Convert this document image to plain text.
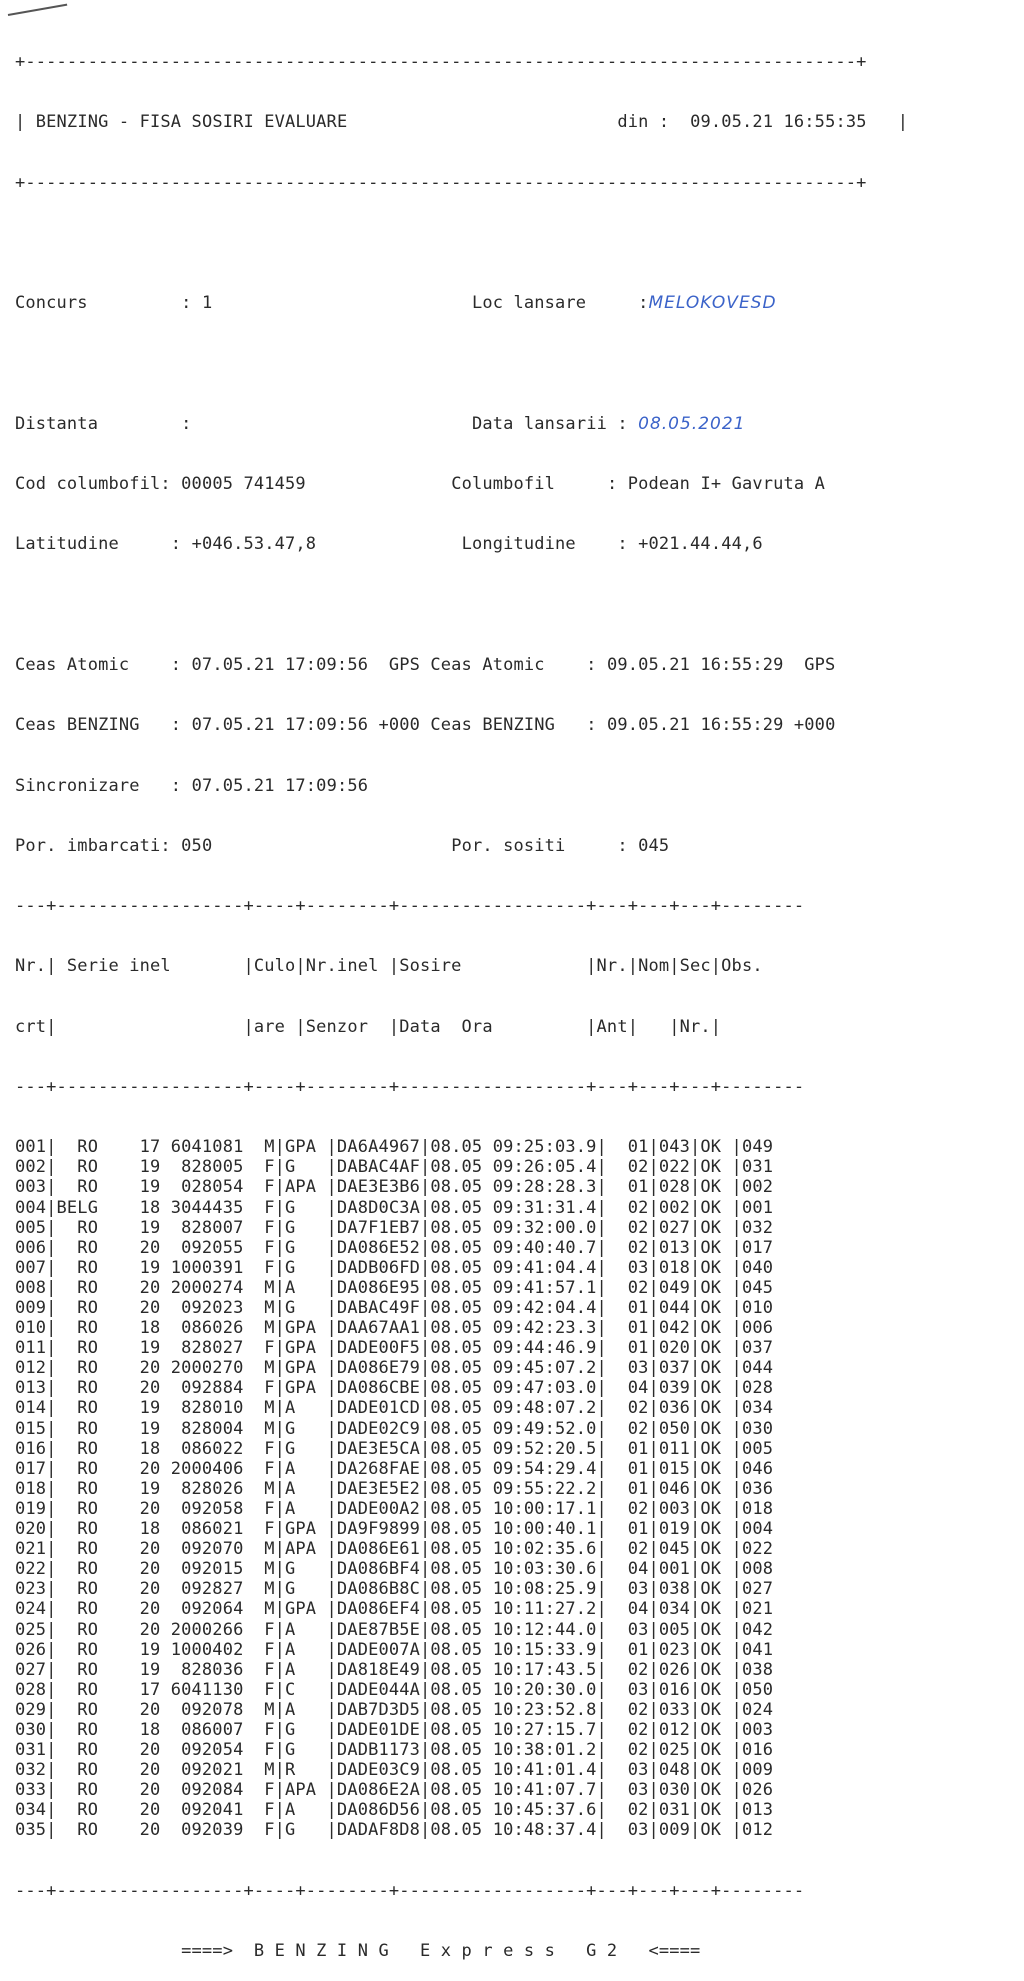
+--------------------------------------------------------------------------------+

| BENZING - FISA SOSIRI EVALUARE	din : 09.05.21 16:55:35   |

+--------------------------------------------------------------------------------+

Concurs         : 1	Loc lansare     :MELOKOVESD

Distanta        :	Data lansarii : 08.05.2021

Cod columbofil: 00005 741459	Columbofil     : Podean I+ Gavruta A

Latitudine     : +046.53.47,8	Longitudine    : +021.44.44,6

Ceas Atomic    : 07.05.21 17:09:56  GPS Ceas Atomic    : 09.05.21 16:55:29  GPS

Ceas BENZING   : 07.05.21 17:09:56 +000 Ceas BENZING   : 09.05.21 16:55:29 +000

Sincronizare   : 07.05.21 17:09:56

Por. imbarcati: 050	Por. sositi     : 045

---+------------------+----+--------+------------------+---+---+---+--------

Nr.| Serie inel       |Culo|Nr.inel |Sosire            |Nr.|Nom|Sec|Obs.

crt|                  |are |Senzor  |Data  Ora         |Ant|   |Nr.|

---+------------------+----+--------+------------------+---+---+---+--------

001|  RO    17 6041081  M|GPA |DA6A4967|08.05 09:25:03.9|  01|043|OK |049
002|  RO    19  828005  F|G   |DABAC4AF|08.05 09:26:05.4|  02|022|OK |031
003|  RO    19  028054  F|APA |DAE3E3B6|08.05 09:28:28.3|  01|028|OK |002
004|BELG    18 3044435  F|G   |DA8D0C3A|08.05 09:31:31.4|  02|002|OK |001
005|  RO    19  828007  F|G   |DA7F1EB7|08.05 09:32:00.0|  02|027|OK |032
006|  RO    20  092055  F|G   |DA086E52|08.05 09:40:40.7|  02|013|OK |017
007|  RO    19 1000391  F|G   |DADB06FD|08.05 09:41:04.4|  03|018|OK |040
008|  RO    20 2000274  M|A   |DA086E95|08.05 09:41:57.1|  02|049|OK |045
009|  RO    20  092023  M|G   |DABAC49F|08.05 09:42:04.4|  01|044|OK |010
010|  RO    18  086026  M|GPA |DAA67AA1|08.05 09:42:23.3|  01|042|OK |006
011|  RO    19  828027  F|GPA |DADE00F5|08.05 09:44:46.9|  01|020|OK |037
012|  RO    20 2000270  M|GPA |DA086E79|08.05 09:45:07.2|  03|037|OK |044
013|  RO    20  092884  F|GPA |DA086CBE|08.05 09:47:03.0|  04|039|OK |028
014|  RO    19  828010  M|A   |DADE01CD|08.05 09:48:07.2|  02|036|OK |034
015|  RO    19  828004  M|G   |DADE02C9|08.05 09:49:52.0|  02|050|OK |030
016|  RO    18  086022  F|G   |DAE3E5CA|08.05 09:52:20.5|  01|011|OK |005
017|  RO    20 2000406  F|A   |DA268FAE|08.05 09:54:29.4|  01|015|OK |046
018|  RO    19  828026  M|A   |DAE3E5E2|08.05 09:55:22.2|  01|046|OK |036
019|  RO    20  092058  F|A   |DADE00A2|08.05 10:00:17.1|  02|003|OK |018
020|  RO    18  086021  F|GPA |DA9F9899|08.05 10:00:40.1|  01|019|OK |004
021|  RO    20  092070  M|APA |DA086E61|08.05 10:02:35.6|  02|045|OK |022
022|  RO    20  092015  M|G   |DA086BF4|08.05 10:03:30.6|  04|001|OK |008
023|  RO    20  092827  M|G   |DA086B8C|08.05 10:08:25.9|  03|038|OK |027
024|  RO    20  092064  M|GPA |DA086EF4|08.05 10:11:27.2|  04|034|OK |021
025|  RO    20 2000266  F|A   |DAE87B5E|08.05 10:12:44.0|  03|005|OK |042
026|  RO    19 1000402  F|A   |DADE007A|08.05 10:15:33.9|  01|023|OK |041
027|  RO    19  828036  F|A   |DA818E49|08.05 10:17:43.5|  02|026|OK |038
028|  RO    17 6041130  F|C   |DADE044A|08.05 10:20:30.0|  03|016|OK |050
029|  RO    20  092078  M|A   |DAB7D3D5|08.05 10:23:52.8|  02|033|OK |024
030|  RO    18  086007  F|G   |DADE01DE|08.05 10:27:15.7|  02|012|OK |003
031|  RO    20  092054  F|G   |DADB1173|08.05 10:38:01.2|  02|025|OK |016
032|  RO    20  092021  M|R   |DADE03C9|08.05 10:41:01.4|  03|048|OK |009
033|  RO    20  092084  F|APA |DA086E2A|08.05 10:41:07.7|  03|030|OK |026
034|  RO    20  092041  F|A   |DA086D56|08.05 10:45:37.6|  02|031|OK |013
035|  RO    20  092039  F|G   |DADAF8D8|08.05 10:48:37.4|  03|009|OK |012

---+------------------+----+--------+------------------+---+---+---+--------

====>  B E N Z I N G   E x p r e s s   G 2   <====
